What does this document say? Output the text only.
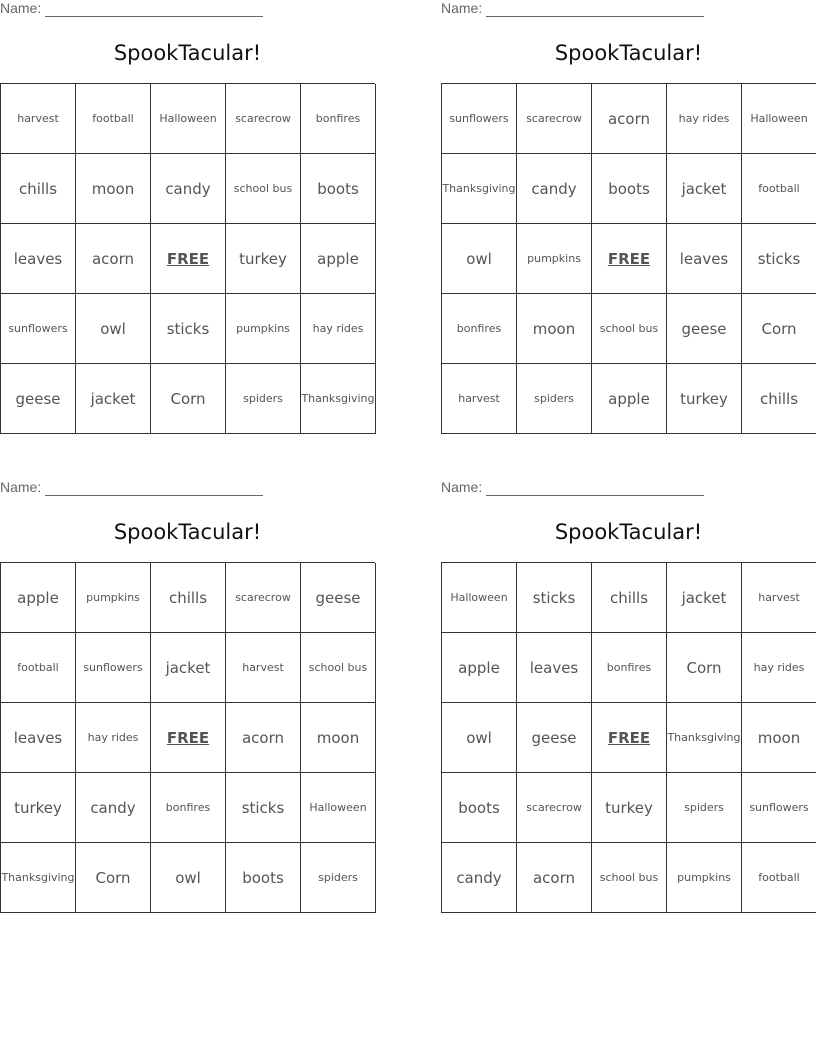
Name:
SpookTacular!
harvest	football	Halloween	scarecrow	bonfires
chills	moon	candy	school bus	boots
leaves	acorn	FREE	turkey	apple
sunflowers	owl	sticks	pumpkins	hay rides
geese	jacket	Corn	spiders	Thanksgiving
Name:
SpookTacular!
sunflowers	scarecrow	acorn	hay rides	Halloween
Thanksgiving	candy	boots	jacket	football
owl	pumpkins	FREE	leaves	sticks
bonfires	moon	school bus	geese	Corn
harvest	spiders	apple	turkey	chills
Name:
SpookTacular!
apple	pumpkins	chills	scarecrow	geese
football	sunflowers	jacket	harvest	school bus
leaves	hay rides	FREE	acorn	moon
turkey	candy	bonfires	sticks	Halloween
Thanksgiving	Corn	owl	boots	spiders
Name:
SpookTacular!
Halloween	sticks	chills	jacket	harvest
apple	leaves	bonfires	Corn	hay rides
owl	geese	FREE	Thanksgiving	moon
boots	scarecrow	turkey	spiders	sunflowers
candy	acorn	school bus	pumpkins	football
